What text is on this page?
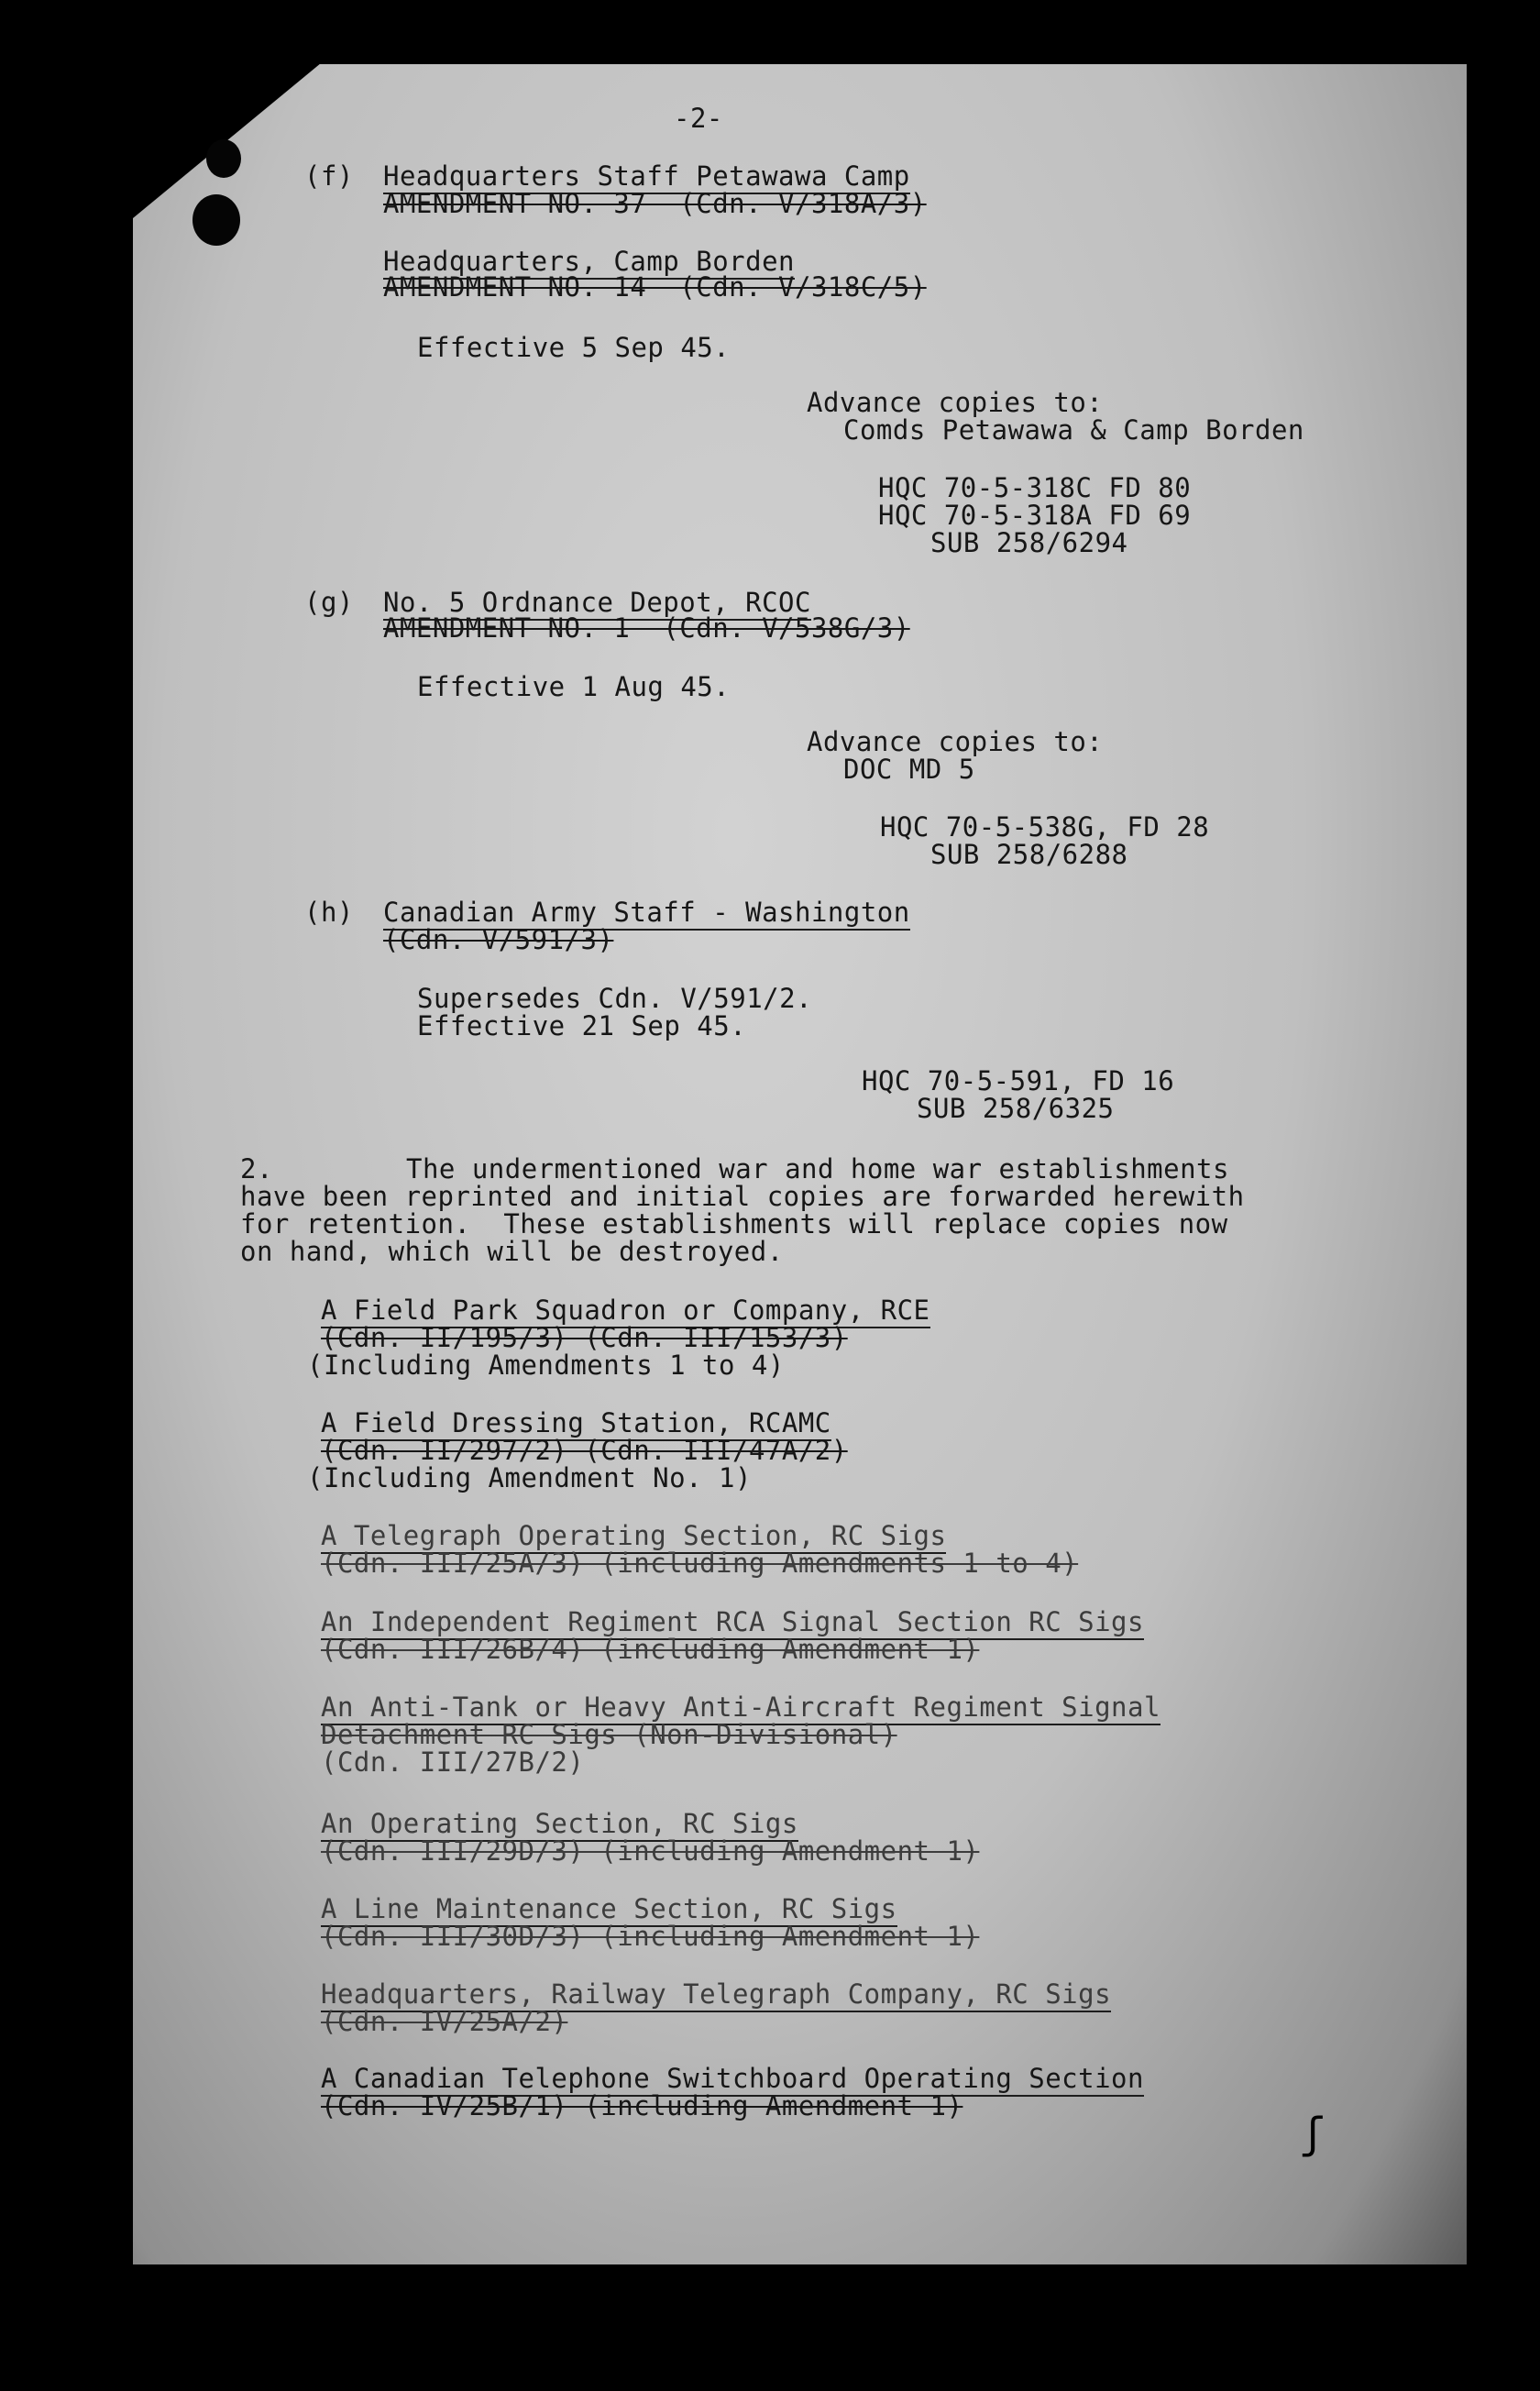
ʃ
-2-
(f) Headquarters Staff Petawawa Camp
AMENDMENT NO. 37  (Cdn. V/318A/3)
Headquarters, Camp Borden
AMENDMENT NO. 14  (Cdn. V/318C/5)
Effective 5 Sep 45.
Advance copies to:
Comds Petawawa & Camp Borden
HQC 70-5-318C FD 80
HQC 70-5-318A FD 69
SUB 258/6294
(g) No. 5 Ordnance Depot, RCOC
AMENDMENT NO. 1  (Cdn. V/538G/3)
Effective 1 Aug 45.
Advance copies to:
DOC MD 5
HQC 70-5-538G, FD 28
SUB 258/6288
(h) Canadian Army Staff - Washington
(Cdn. V/591/3)
Supersedes Cdn. V/591/2.
Effective 21 Sep 45.
HQC 70-5-591, FD 16
SUB 258/6325
2.	The undermentioned war and home war establishments
have been reprinted and initial copies are forwarded herewith
for retention.  These establishments will replace copies now
on hand, which will be destroyed.
A Field Park Squadron or Company, RCE
(Cdn. II/195/3) (Cdn. III/153/3)
(Including Amendments 1 to 4)
A Field Dressing Station, RCAMC
(Cdn. II/297/2) (Cdn. III/47A/2)
(Including Amendment No. 1)
A Telegraph Operating Section, RC Sigs
(Cdn. III/25A/3) (including Amendments 1 to 4)
An Independent Regiment RCA Signal Section RC Sigs
(Cdn. III/26B/4) (including Amendment 1)
An Anti-Tank or Heavy Anti-Aircraft Regiment Signal
Detachment RC Sigs (Non-Divisional)
(Cdn. III/27B/2)
An Operating Section, RC Sigs
(Cdn. III/29D/3) (including Amendment 1)
A Line Maintenance Section, RC Sigs
(Cdn. III/30D/3) (including Amendment 1)
Headquarters, Railway Telegraph Company, RC Sigs
(Cdn. IV/25A/2)
A Canadian Telephone Switchboard Operating Section
(Cdn. IV/25B/1) (including Amendment 1)
